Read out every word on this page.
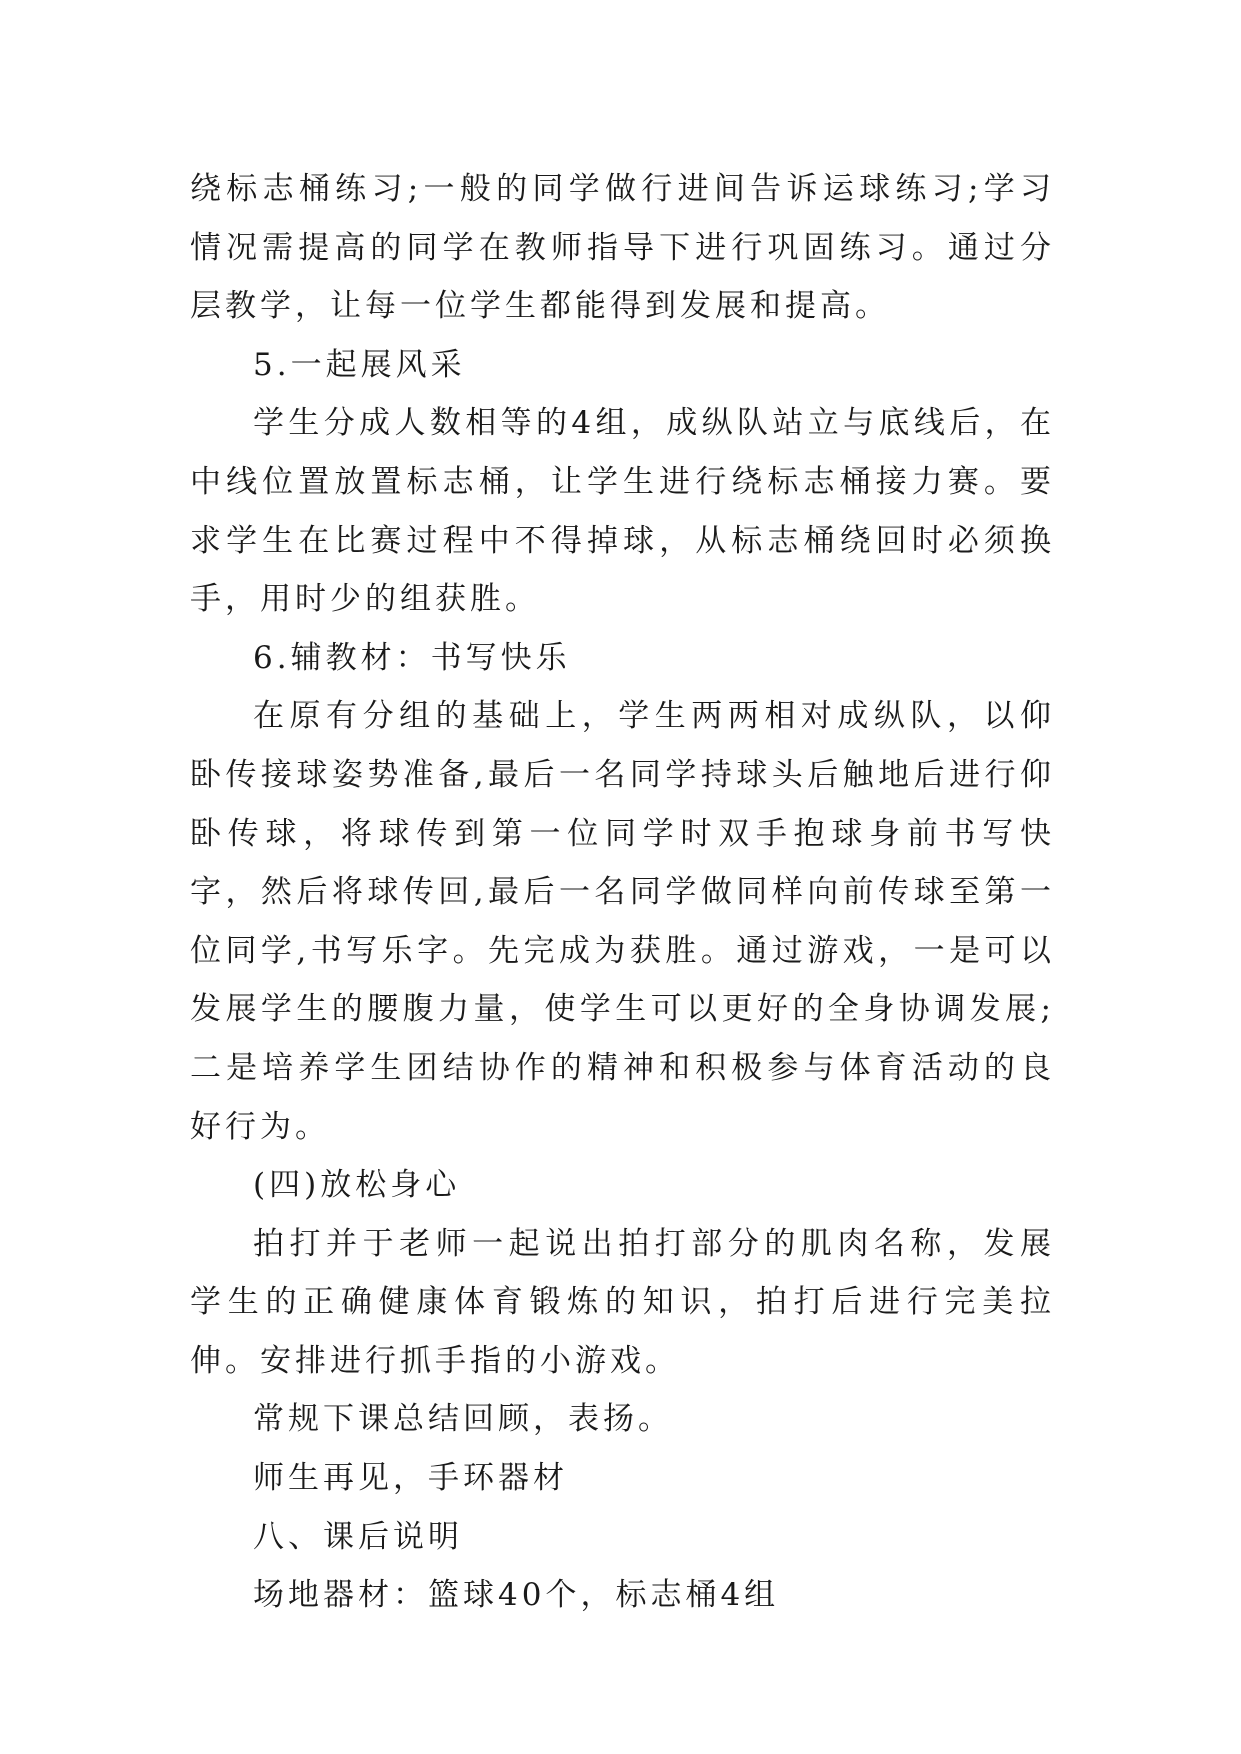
绕标志桶练习;一般的同学做行进间告诉运球练习;学习情况需提高的同学在教师指导下进行巩固练习。通过分层教学，让每一位学生都能得到发展和提高。

5.一起展风采

学生分成人数相等的4组，成纵队站立与底线后，在中线位置放置标志桶，让学生进行绕标志桶接力赛。要求学生在比赛过程中不得掉球，从标志桶绕回时必须换手，用时少的组获胜。

6.辅教材：书写快乐

在原有分组的基础上，学生两两相对成纵队，以仰卧传接球姿势准备,最后一名同学持球头后触地后进行仰卧传球，将球传到第一位同学时双手抱球身前书写快字，然后将球传回,最后一名同学做同样向前传球至第一位同学,书写乐字。先完成为获胜。通过游戏，一是可以发展学生的腰腹力量，使学生可以更好的全身协调发展;二是培养学生团结协作的精神和积极参与体育活动的良好行为。

(四)放松身心

拍打并于老师一起说出拍打部分的肌肉名称，发展学生的正确健康体育锻炼的知识，拍打后进行完美拉伸。安排进行抓手指的小游戏。

常规下课总结回顾，表扬。

师生再见，手环器材

八、课后说明

场地器材：篮球40个，标志桶4组
